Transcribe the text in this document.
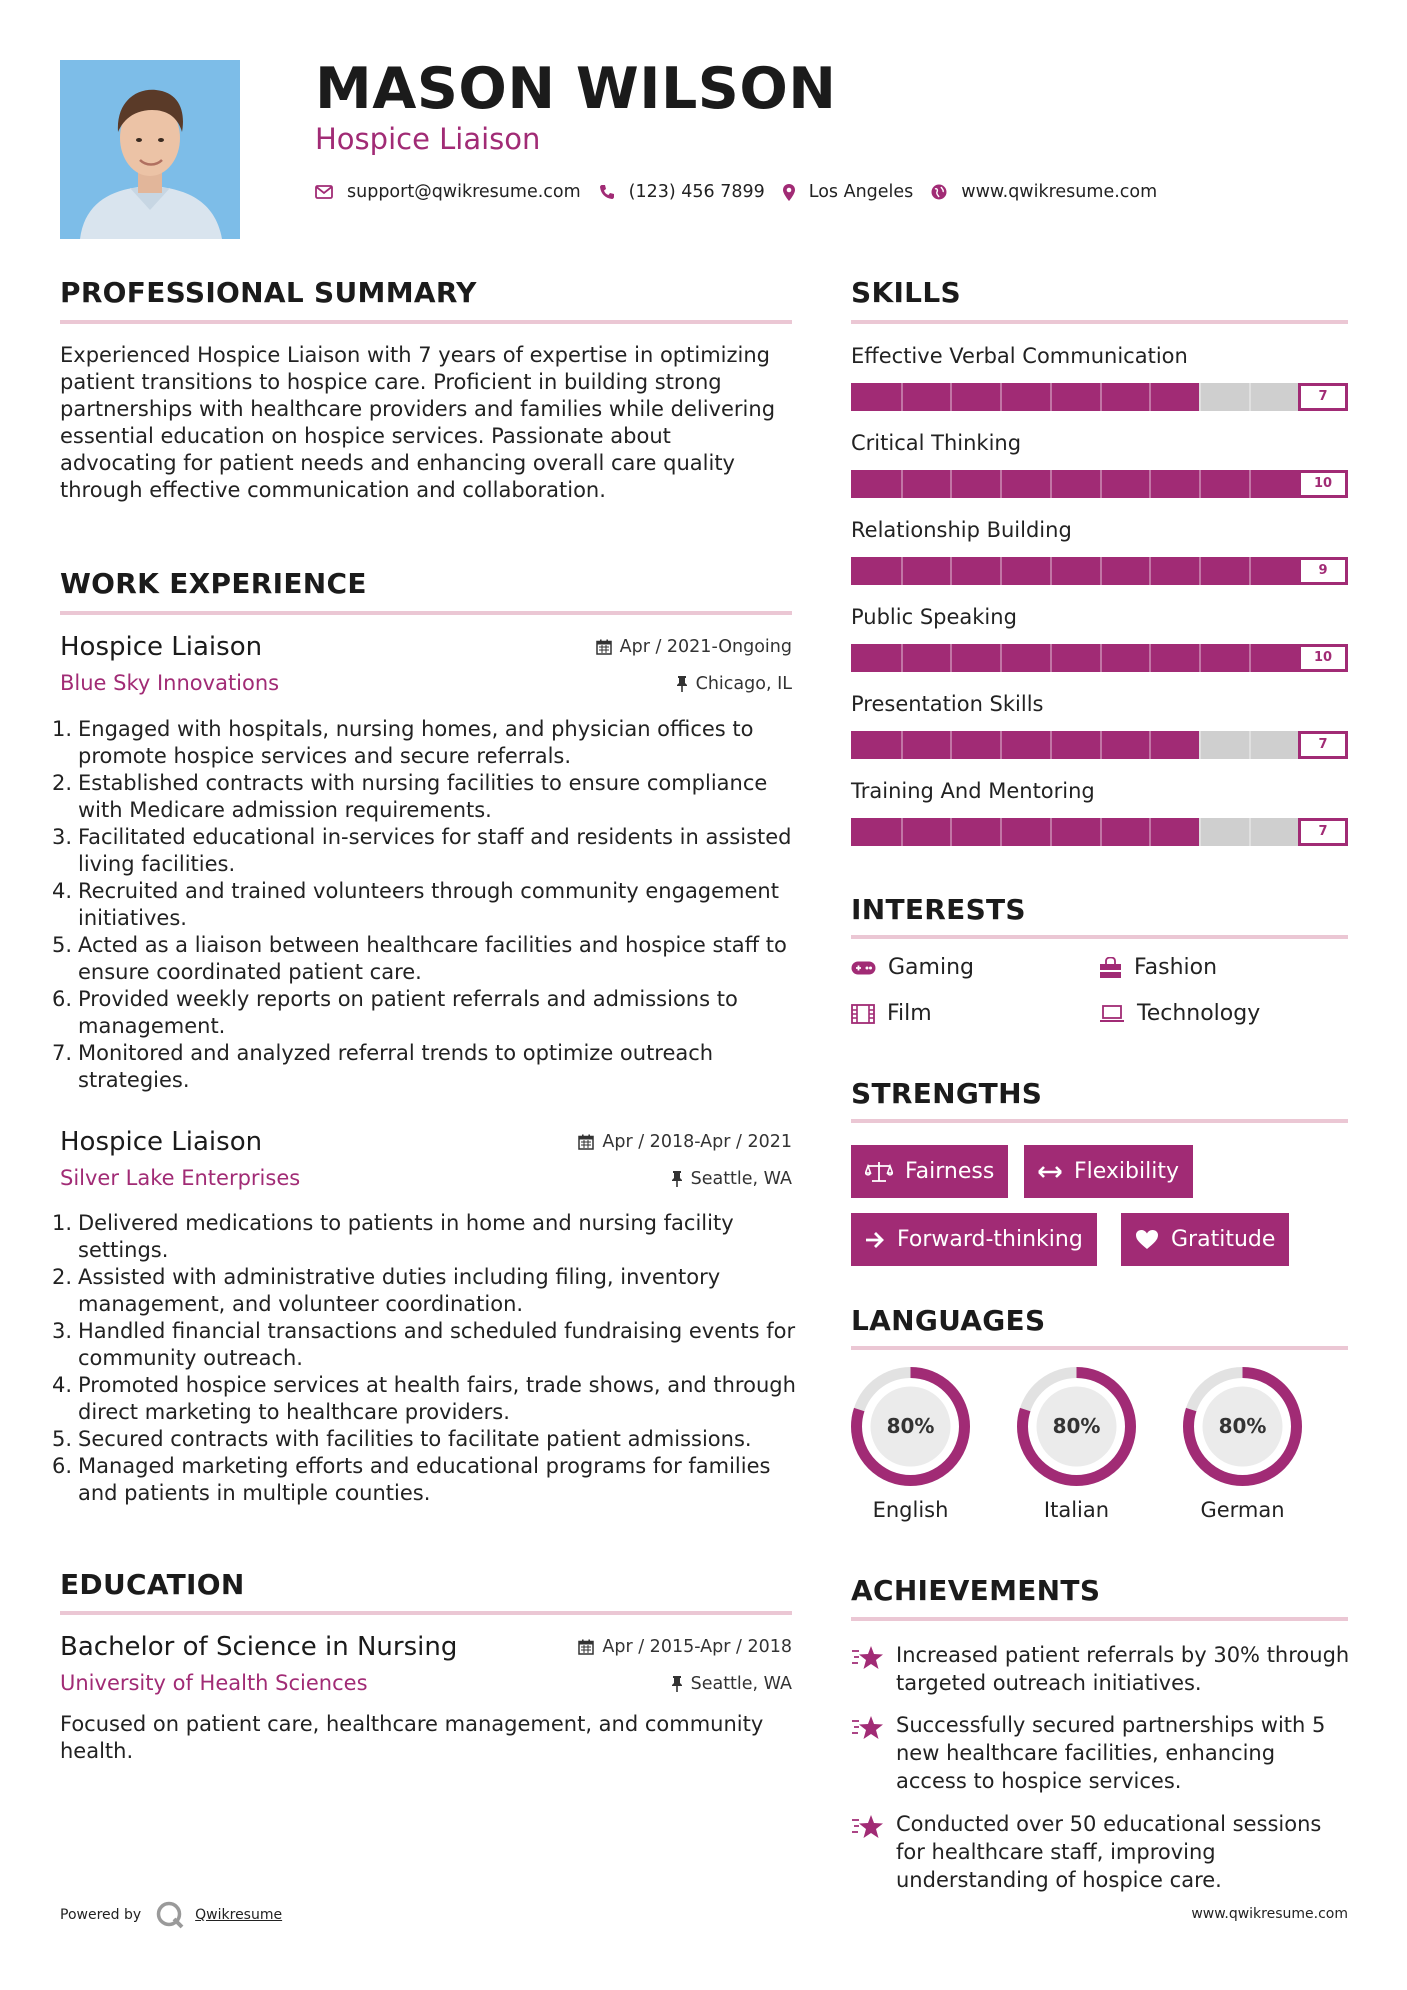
MASON WILSON
Hospice Liaison
support@qwikresume.com	(123) 456 7899	Los Angeles	www.qwikresume.com
PROFESSIONAL SUMMARY
Experienced Hospice Liaison with 7 years of expertise in optimizing patient transitions to hospice care. Proficient in building strong partnerships with healthcare providers and families while delivering essential education on hospice services. Passionate about advocating for patient needs and enhancing overall care quality through effective communication and collaboration.
WORK EXPERIENCE
Hospice Liaison	Apr / 2021-Ongoing
Blue Sky Innovations	Chicago, IL
1. Engaged with hospitals, nursing homes, and physician offices to promote hospice services and secure referrals.
2. Established contracts with nursing facilities to ensure compliance with Medicare admission requirements.
3. Facilitated educational in-services for staff and residents in assisted living facilities.
4. Recruited and trained volunteers through community engagement initiatives.
5. Acted as a liaison between healthcare facilities and hospice staff to ensure coordinated patient care.
6. Provided weekly reports on patient referrals and admissions to management.
7. Monitored and analyzed referral trends to optimize outreach strategies.
Hospice Liaison	Apr / 2018-Apr / 2021
Silver Lake Enterprises	Seattle, WA
1. Delivered medications to patients in home and nursing facility settings.
2. Assisted with administrative duties including filing, inventory management, and volunteer coordination.
3. Handled financial transactions and scheduled fundraising events for community outreach.
4. Promoted hospice services at health fairs, trade shows, and through direct marketing to healthcare providers.
5. Secured contracts with facilities to facilitate patient admissions.
6. Managed marketing efforts and educational programs for families and patients in multiple counties.
EDUCATION
Bachelor of Science in Nursing	Apr / 2015-Apr / 2018
University of Health Sciences	Seattle, WA
Focused on patient care, healthcare management, and community health.
SKILLS
Effective Verbal Communication
7
Critical Thinking
10
Relationship Building
9
Public Speaking
10
Presentation Skills
7
Training And Mentoring
7
INTERESTS
Gaming	Fashion
Film	Technology
STRENGTHS
Fairness	Flexibility
Forward-thinking	Gratitude
LANGUAGES
80%
English
80%
Italian
80%
German
ACHIEVEMENTS
Increased patient referrals by 30% through targeted outreach initiatives.
Successfully secured partnerships with 5 new healthcare facilities, enhancing access to hospice services.
Conducted over 50 educational sessions for healthcare staff, improving understanding of hospice care.
Powered by	Qwikresume	www.qwikresume.com
